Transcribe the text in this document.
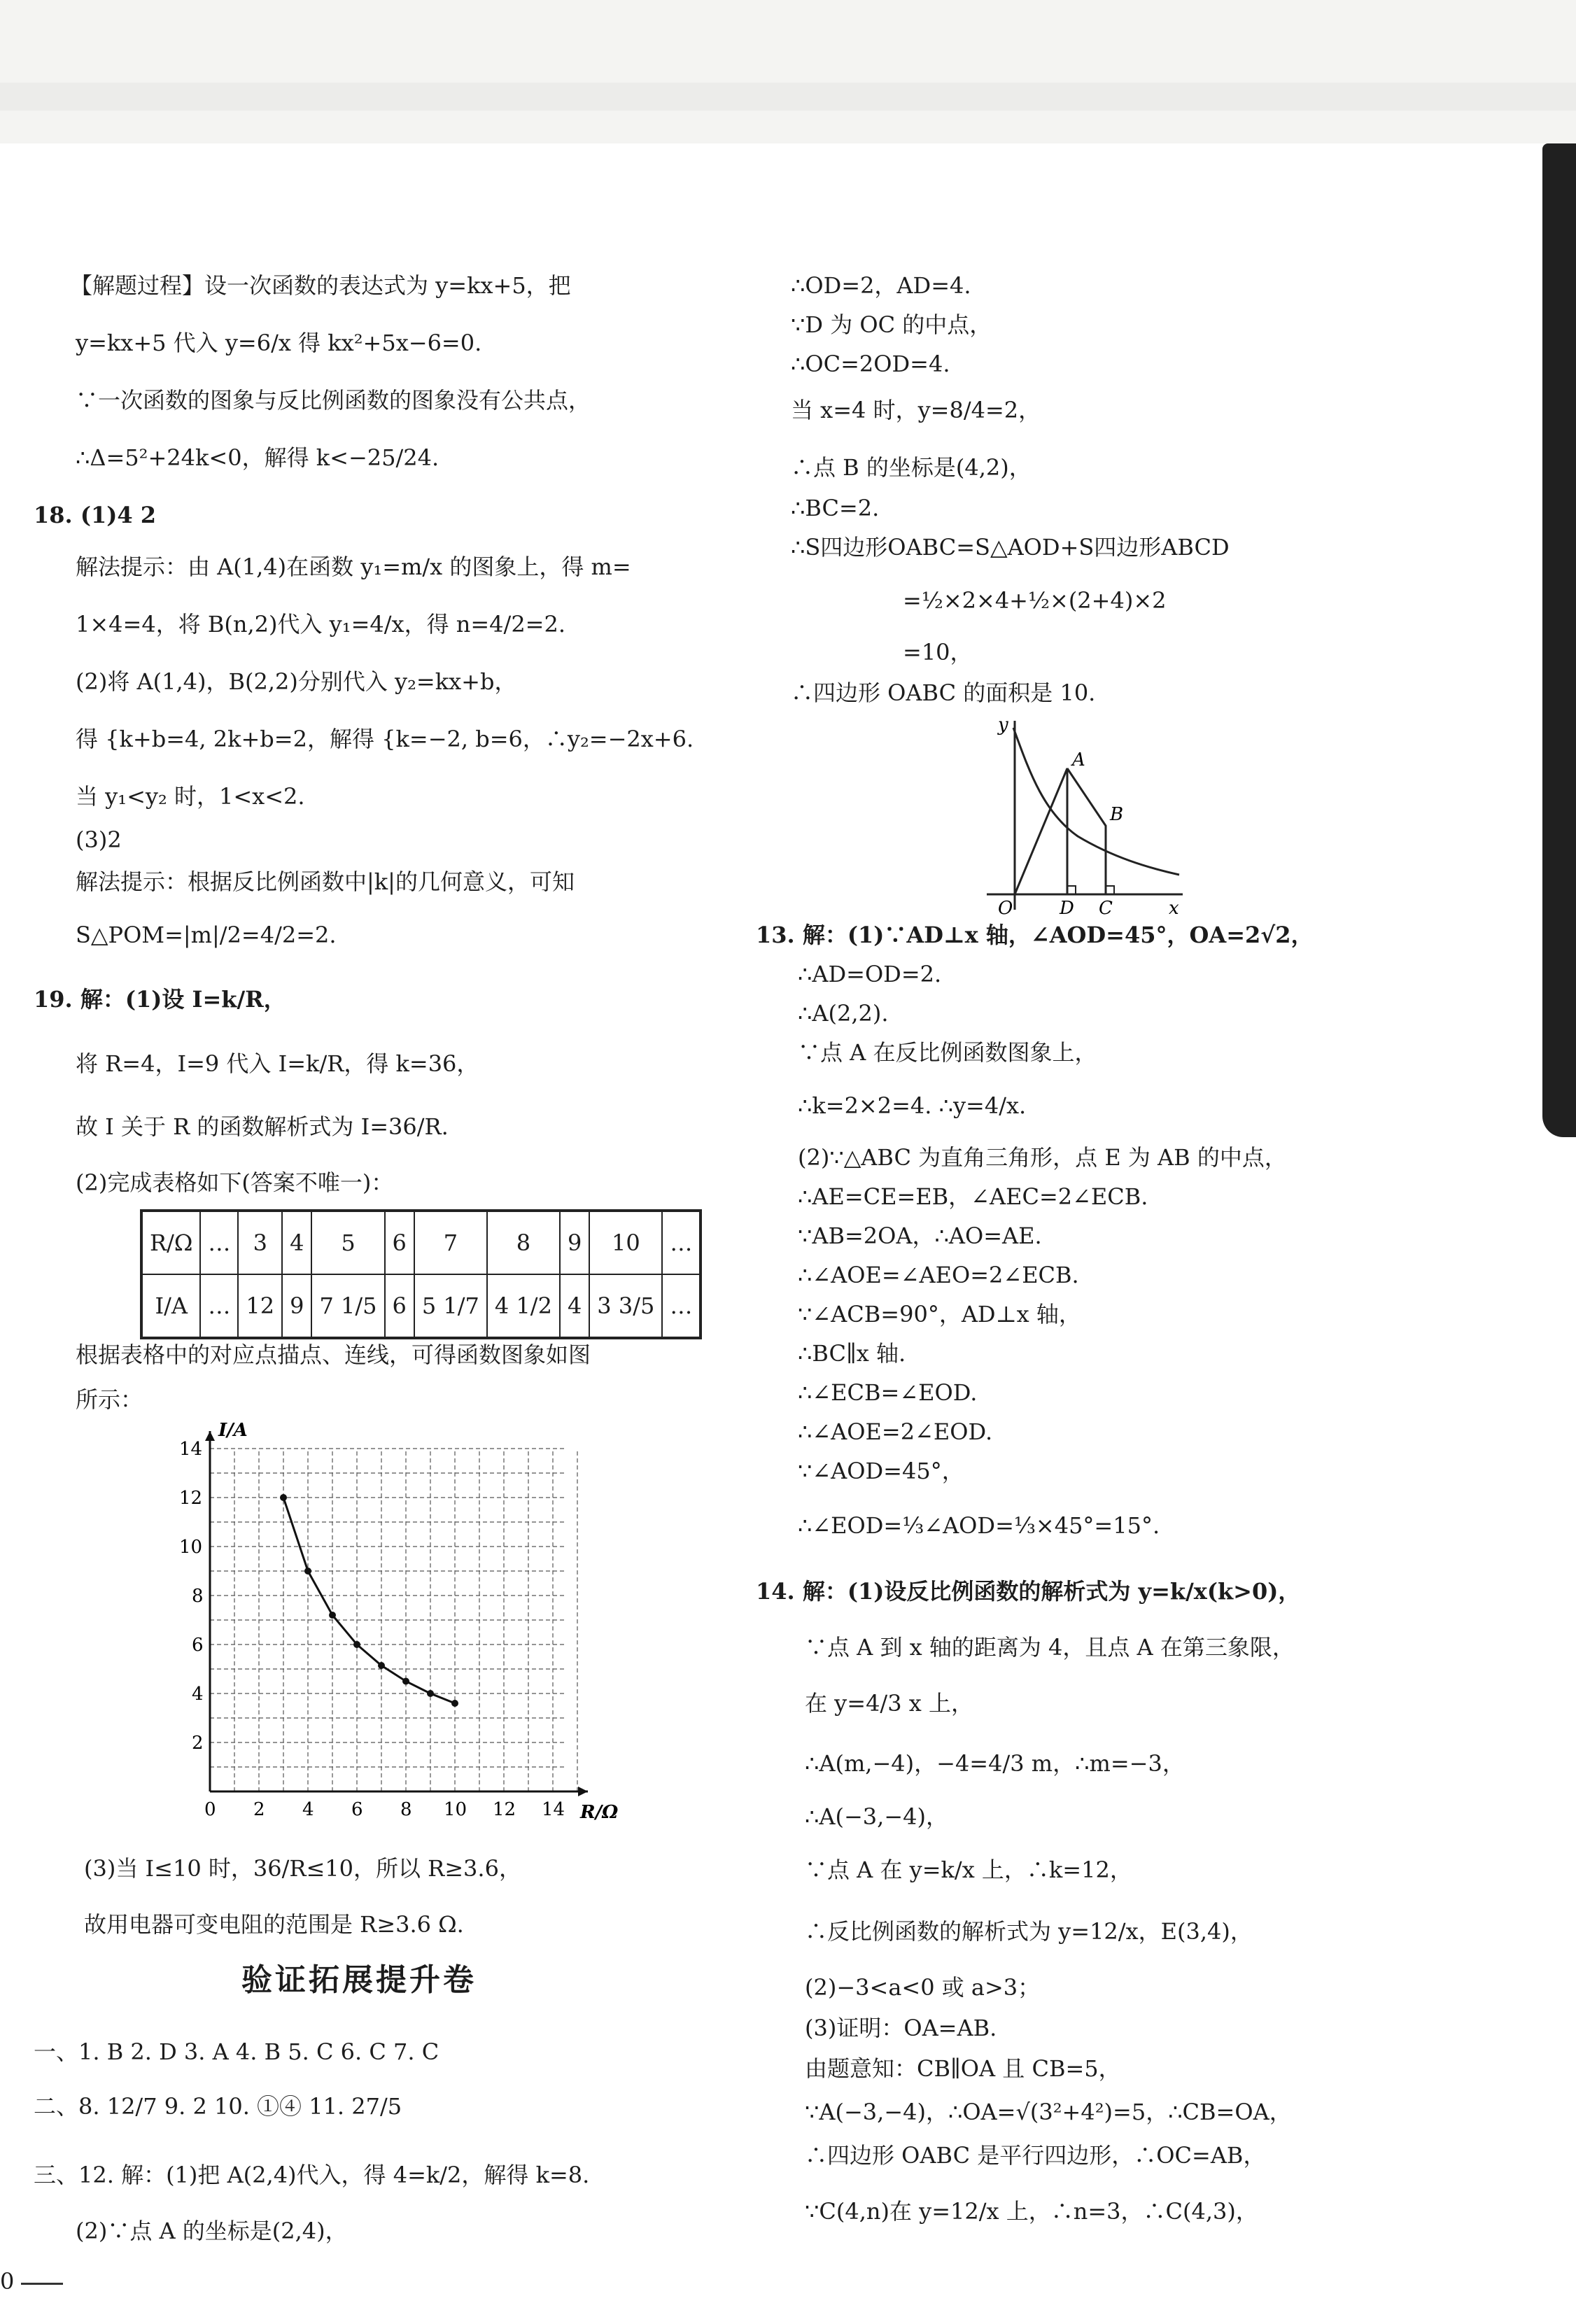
【解题过程】设一次函数的表达式为 y=kx+5，把
y=kx+5 代入 y=6/x 得 kx²+5x−6=0.
∵一次函数的图象与反比例函数的图象没有公共点，
∴Δ=5²+24k<0，解得 k<−25/24.
18. (1)4 2
解法提示：由 A(1,4)在函数 y₁=m/x 的图象上，得 m=
1×4=4，将 B(n,2)代入 y₁=4/x，得 n=4/2=2.
(2)将 A(1,4)，B(2,2)分别代入 y₂=kx+b，
得 {k+b=4, 2k+b=2，解得 {k=−2, b=6，∴y₂=−2x+6.
当 y₁<y₂ 时，1<x<2.
(3)2
解法提示：根据反比例函数中|k|的几何意义，可知
S△POM=|m|/2=4/2=2.
19. 解：(1)设 I=k/R，
将 R=4，I=9 代入 I=k/R，得 k=36，
故 I 关于 R 的函数解析式为 I=36/R.
(2)完成表格如下(答案不唯一)：
R/Ω	…	3	4	5	6	7	8	9	10	…
I/A	…	12	9	7 1/5	6	5 1/7	4 1/2	4	3 3/5	…
根据表格中的对应点描点、连线，可得函数图象如图
所示：
0 2 4 6 8 10 12 14
2
4
6
8
10
12
14
I/A
R/Ω
(3)当 I≤10 时，36/R≤10，所以 R≥3.6，
故用电器可变电阻的范围是 R≥3.6 Ω.
验证拓展提升卷
一、1. B 2. D 3. A 4. B 5. C 6. C 7. C
二、8. 12/7 9. 2 10. ①④ 11. 27/5
三、12. 解：(1)把 A(2,4)代入，得 4=k/2，解得 k=8.
(2)∵点 A 的坐标是(2,4)，
0
∴OD=2，AD=4.
∵D 为 OC 的中点，
∴OC=2OD=4.
当 x=4 时，y=8/4=2，
∴点 B 的坐标是(4,2)，
∴BC=2.
∴S四边形OABC=S△AOD+S四边形ABCD
=½×2×4+½×(2+4)×2
=10，
∴四边形 OABC 的面积是 10.
y
A
B
O	D C	x
13. 解：(1)∵AD⊥x 轴，∠AOD=45°，OA=2√2，
∴AD=OD=2.
∴A(2,2).
∵点 A 在反比例函数图象上，
∴k=2×2=4. ∴y=4/x.
(2)∵△ABC 为直角三角形，点 E 为 AB 的中点，
∴AE=CE=EB，∠AEC=2∠ECB.
∵AB=2OA，∴AO=AE.
∴∠AOE=∠AEO=2∠ECB.
∵∠ACB=90°，AD⊥x 轴，
∴BC∥x 轴.
∴∠ECB=∠EOD.
∴∠AOE=2∠EOD.
∵∠AOD=45°，
∴∠EOD=⅓∠AOD=⅓×45°=15°.
14. 解：(1)设反比例函数的解析式为 y=k/x(k>0)，
∵点 A 到 x 轴的距离为 4，且点 A 在第三象限，
在 y=4/3 x 上，
∴A(m,−4)，−4=4/3 m，∴m=−3，
∴A(−3,−4)，
∵点 A 在 y=k/x 上，∴k=12，
∴反比例函数的解析式为 y=12/x，E(3,4)，
(2)−3<a<0 或 a>3；
(3)证明：OA=AB.
由题意知：CB∥OA 且 CB=5，
∵A(−3,−4)，∴OA=√(3²+4²)=5，∴CB=OA，
∴四边形 OABC 是平行四边形，∴OC=AB，
∵C(4,n)在 y=12/x 上，∴n=3，∴C(4,3)，
